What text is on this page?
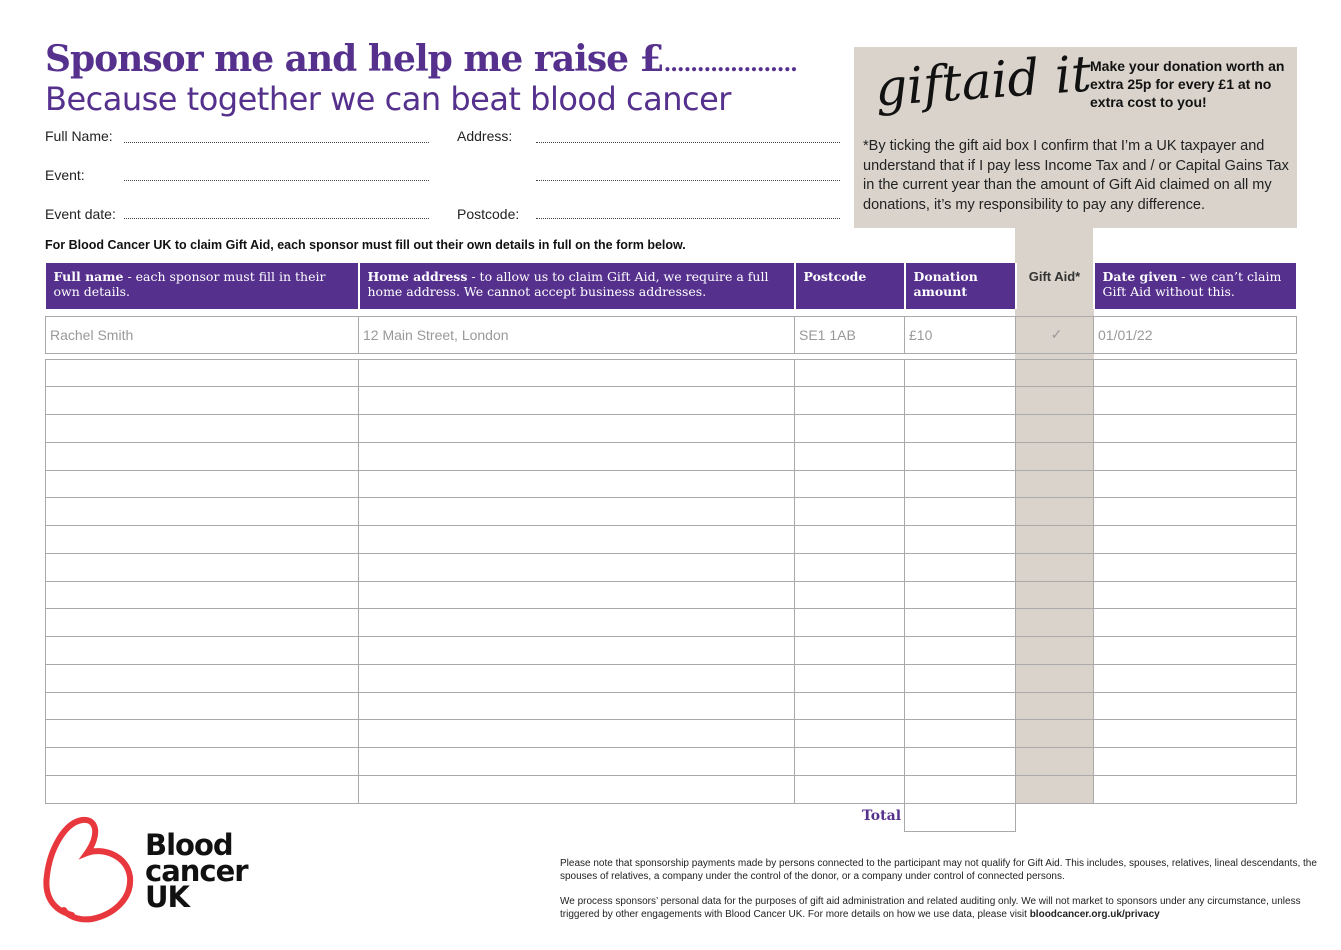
Sponsor me and help me raise £....................
Because together we can beat blood cancer
Full Name:	Address:
Event:
Event date:	Postcode:
giftaid it
Make your donation worth an extra 25p for every £1 at no extra cost to you!
*By ticking the gift aid box I confirm that I’m a UK taxpayer and understand that if I pay less Income Tax and / or Capital Gains Tax in the current year than the amount of Gift Aid claimed on all my donations, it’s my responsibility to pay any difference.
For Blood Cancer UK to claim Gift Aid, each sponsor must fill out their own details in full on the form below.
Full name - each sponsor must fill in their own details.	Home address - to allow us to claim Gift Aid, we require a full home address. We cannot accept business addresses.	Postcode	Donation amount	Gift Aid*	Date given - we can’t claim Gift Aid without this.

Rachel Smith	12 Main Street, London	SE1 1AB	£10	✓	01/01/22

Total
Blood
cancer
UK
Please note that sponsorship payments made by persons connected to the participant may not qualify for Gift Aid. This includes, spouses, relatives, lineal descendants, the spouses of relatives, a company under the control of the donor, or a company under control of connected persons.
We process sponsors’ personal data for the purposes of gift aid administration and related auditing only. We will not market to sponsors under any circumstance, unless triggered by other engagements with Blood Cancer UK. For more details on how we use data, please visit bloodcancer.org.uk/privacy
